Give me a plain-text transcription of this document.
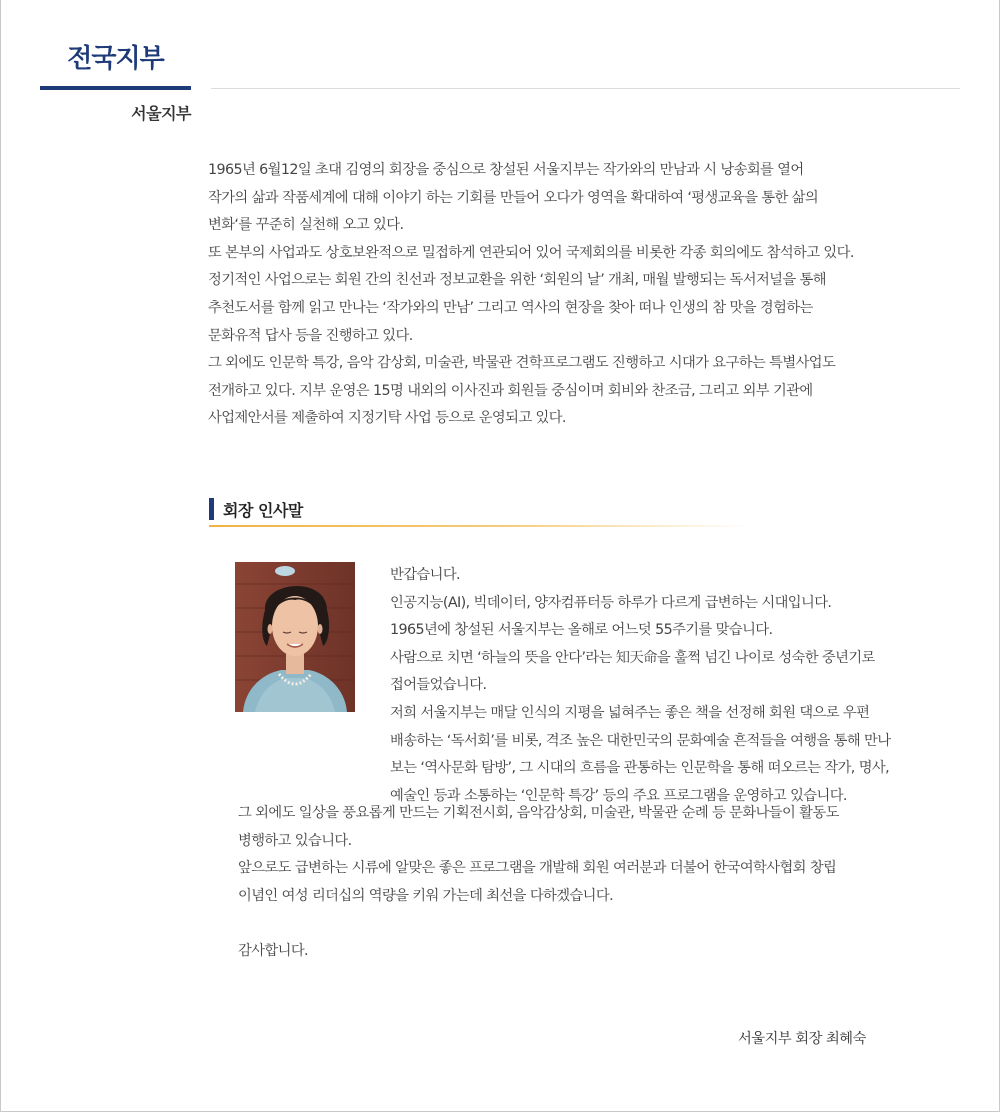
전국지부
서울지부

1965년 6월12일 초대 김영의 회장을 중심으로 창설된 서울지부는 작가와의 만남과 시 낭송회를 열어

작가의 삶과 작품세계에 대해 이야기 하는 기회를 만들어 오다가 영역을 확대하여 ‘평생교육을 통한 삶의

변화‘를 꾸준히 실천해 오고 있다.

또 본부의 사업과도 상호보완적으로 밀접하게 연관되어 있어 국제회의를 비롯한 각종 회의에도 참석하고 있다.

정기적인 사업으로는 회원 간의 친선과 정보교환을 위한 ‘회원의 날’ 개최, 매월 발행되는 독서저널을 통해

추천도서를 함께 읽고 만나는 ‘작가와의 만남’ 그리고 역사의 현장을 찾아 떠나 인생의 참 맛을 경험하는

문화유적 답사 등을 진행하고 있다.

그 외에도 인문학 특강, 음악 감상회, 미술관, 박물관 견학프로그램도 진행하고 시대가 요구하는 특별사업도

전개하고 있다. 지부 운영은 15명 내외의 이사진과 회원들 중심이며 회비와 찬조금, 그리고 외부 기관에

사업제안서를 제출하여 지정기탁 사업 등으로 운영되고 있다.

회장 인사말

반갑습니다.

인공지능(AI), 빅데이터, 양자컴퓨터등 하루가 다르게 급변하는 시대입니다.

1965년에 창설된 서울지부는 올해로 어느덧 55주기를 맞습니다.

사람으로 치면 ‘하늘의 뜻을 안다’라는 知天命을 훌쩍 넘긴 나이로 성숙한 중년기로

접어들었습니다.

저희 서울지부는 매달 인식의 지평을 넓혀주는 좋은 책을 선정해 회원 댁으로 우편

배송하는 ‘독서회’를 비롯, 격조 높은 대한민국의 문화예술 흔적들을 여행을 통해 만나

보는 ‘역사문화 탐방’, 그 시대의 흐름을 관통하는 인문학을 통해 떠오르는 작가, 명사,

예술인 등과 소통하는 ‘인문학 특강’ 등의 주요 프로그램을 운영하고 있습니다.

그 외에도 일상을 풍요롭게 만드는 기획전시회, 음악감상회, 미술관, 박물관 순례 등 문화나들이 활동도

병행하고 있습니다.

앞으로도 급변하는 시류에 알맞은 좋은 프로그램을 개발해 회원 여러분과 더불어 한국여학사협회 창립

이념인 여성 리더십의 역량을 키워 가는데 최선을 다하겠습니다.

감사합니다.

서울지부 회장 최혜숙
